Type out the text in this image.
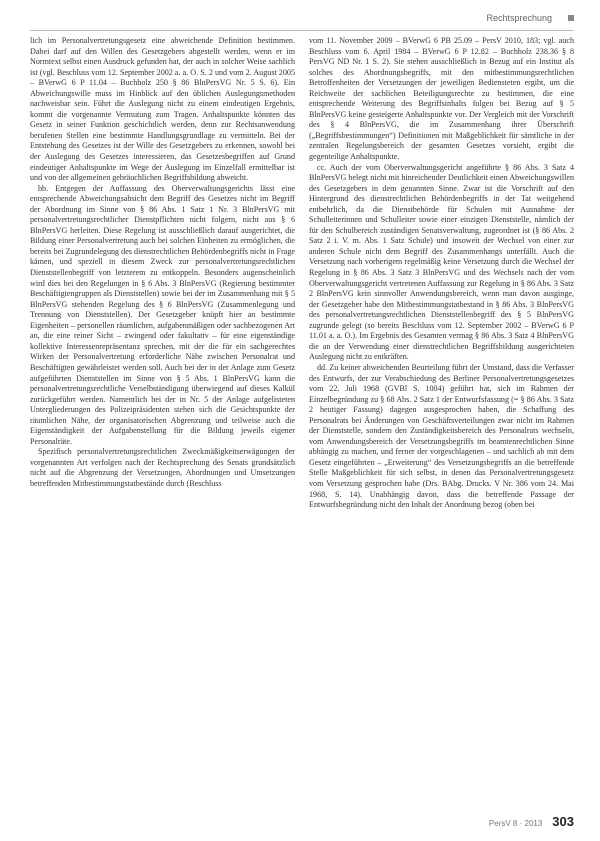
Rechtsprechung

lich im Personalvertretungsgesetz eine abweichende Definition bestimmen. Dabei darf auf den Willen des Gesetzgebers abgestellt werden, wenn er im Normtext selbst einen Ausdruck gefunden hat, der auch in solcher Weise sachlich ist (vgl. Beschluss vom 12. September 2002 a. a. O. S. 2 und vom 2. August 2005 – BVerwG 6 P 11.04 – Buchholz 250 § 86 BlnPersVG Nr. 5 S. 6). Ein Abweichungswille muss im Hinblick auf den üblichen Auslegungsmethoden nachweisbar sein. Führt die Auslegung nicht zu einem eindeutigen Ergebnis, kommt die vorgenannte Vermutung zum Tragen. Anhaltspunkte könnten das Gesetz in seiner Funktion geschichtlich werden, denn zur Rechtsanwendung berufenen Stellen eine bestimmte Handlungsgrundlage zu vermitteln. Bei der Entstehung des Gesetzes ist der Wille des Gesetzgebers zu erkennen, sowohl bei der Auslegung des Gesetzes interessieren, das Gesetzesbegriffen auf Grund eindeutiger Anhaltspunkte im Wege der Auslegung im Einzelfall ermittelbar ist und von der allgemeinen gebräuchlichen Begriffsbildung abweicht.

bb. Entgegen der Auffassung des Oberverwaltungsgerichts lässt eine entsprechende Abweichungsabsicht dem Begriff des Gesetzes nicht im Begriff der Abordnung im Sinne von § 86 Abs. 1 Satz 1 Nr. 3 BlnPersVG mit personalvertretungsrechtlicher Dienstpflichten nicht folgern, nicht aus § 6 BlnPersVG herleiten. Diese Regelung ist ausschließlich darauf ausgerichtet, die Bildung einer Personalvertretung auch bei solchen Einheiten zu ermöglichen, die bereits bei Zugrundelegung des dienstrechtlichen Behördenbegriffs nicht in Frage kämen, und speziell in diesem Zweck zur personalvertretungsrechtlichen Dienststellenbegriff von letzterem zu entkoppeln. Besonders augenscheinlich wird dies bei den Regelungen in § 6 Abs. 3 BlnPersVG (Regierung bestimmter Beschäftigtengruppen als Dienststellen) sowie bei der im Zusammenhang mit § 5 BlnPersVG stehenden Regelung des § 6 BlnPersVG (Zusammenlegung und Trennung von Dienststellen). Der Gesetzgeber knüpft hier an bestimmte Eigenheiten – personellen räumlichen, aufgabenmäßigen oder sachbezogenen Art an, die eine reiner Sicht – zwingend oder fakultativ – für eine eigenständige kollektive Interessenrepräsentanz sprechen, mit der die für ein sachgerechtes Wirken der Personalvertretung erforderliche Nähe zwischen Personalrat und Beschäftigten gewährleistet werden soll. Auch bei der in der Anlage zum Gesetz aufgeführten Dienststellen im Sinne von § 5 Abs. 1 BlnPersVG kann die personalvertretungsrechtliche Verselbständigung überwiegend auf dieses Kalkül zurückgeführt werden. Namentlich bei der in Nr. 5 der Anlage aufgelisteten Untergliederungen des Polizeipräsidenten stehen sich die Gesichtspunkte der räumlichen Nähe, der organisatorischen Abgrenzung und teilweise auch die Eigenständigkeit der Aufgabenstellung für die Bildung jeweils eigener Personalräte.

Spezifisch personalvertretungsrechtlichen Zweckmäßigkeitserwägungen der vorgenannten Art verfolgen nach der Rechtsprechung des Senats grundsätzlich nicht auf die Abgrenzung der Versetzungen, Abordnungen und Umsetzungen betreffenden Mitbestimmungstatbestände durch (Beschluss

vom 11. November 2009 – BVerwG 6 PB 25.09 – PersV 2010, 183; vgl. auch Beschluss vom 6. April 1984 – BVerwG 6 P 12.82 – Buchholz 238.36 § 8 PersVG ND Nr. 1 S. 2). Sie stehen ausschließlich in Bezug auf ein Institut als solches des Abordnungsbegriffs, mit den mitbestimmungsrechtlichen Betroffenheiten der Versetzungen der jeweiligen Bediensteten ergibt, um die Reichweite der sachlichen Beteiligungsrechte zu bestimmen, die eine entsprechende Weiterung des Begriffsinhalts folgen bei Bezug auf § 5 BlnPersVG keine gesteigerte Anhaltspunkte vor. Der Vergleich mit der Vorschrift des § 4 BlnPersVG, die im Zusammenhang ihrer Überschrift („Begriffsbestimmungen“) Definitionen mit Maßgeblichkeit für sämtliche in der zentralen Regelungsbereich der gesamten Gesetzes vorsieht, ergibt die gegenteilige Anhaltspunkte.

cc. Auch der vom Oberverwaltungsgericht angeführte § 86 Abs. 3 Satz 4 BlnPersVG belegt nicht mit hinreichender Deutlichkeit einen Abweichungswillen des Gesetzgebers in dem genannten Sinne. Zwar ist die Vorschrift auf den Hintergrund des dienstrechtlichen Behördenbegriffs in der Tat weitgehend entbehrlich, da die Dienstbehörde für Schulen mit Ausnahme der Schulleiterinnen und Schulleiter sowie einer einzigen Dienststelle, nämlich der für den Schulbereich zuständigen Senatsverwaltung, zugeordnet ist (§ 86 Abs. 2 Satz 2 i. V. m. Abs. 1 Satz Schule) und insoweit der Wechsel von einer zur anderen Schule nicht dem Begriff des Zusammenhangs unterfällt. Auch die Versetzung nach vorherigem regelmäßig keine Versetzung durch die Wechsel der Regelung in § 86 Abs. 3 Satz 3 BlnPersVG und des Wechsels nach der vom Oberverwaltungsgericht vertretenen Auffassung zur Regelung in § 86 Abs. 3 Satz 2 BlnPersVG kein sinnvoller Anwendungsbereich, wenn man davon ausginge, der Gesetzgeber habe den Mitbestimmungstatbestand in § 86 Abs. 3 BlnPersVG des personalvertretungsrechtlichen Dienststellenbegriff des § 5 BlnPersVG zugrunde gelegt (so bereits Beschluss vom 12. September 2002 – BVerwG 6 P 11.01 a. a. O.). Im Ergebnis des Gesamten vermag § 86 Abs. 3 Satz 4 BlnPersVG die an der Verwendung einer dienstrechtlichen Begriffsbildung ausgerichteten Auslegung nicht zu entkräften.

dd. Zu keiner abweichenden Beurteilung führt der Umstand, dass die Verfasser des Entwurfs, der zur Verabschiedung des Berliner Personalvertretungsgesetzes vom 22. Juli 1968 (GVBl S. 1004) geführt hat, sich im Rahmen der Einzelbegründung zu § 68 Abs. 2 Satz 1 der Entwurfsfassung (= § 86 Abs. 3 Satz 2 heutiger Fassung) dagegen ausgesprochen haben, die Schaffung des Personalrats bei Änderungen von Geschäftsverteilungen zwar nicht im Rahmen der Dienststelle, sondern den Zuständigkeitsbereich des Personalrats wechseln, vom Anwendungsbereich der Versetzungsbegriffs im beamtenrechtlichen Sinne abhängig zu machen, und ferner der vorgeschlagenen – und sachlich ab mit dem Gesetz eingeführten – „Erweiterung“ des Versetzungsbegriffs an die betreffende Stelle Maßgeblichkeit für sich selbst, in denen das Personalvertretungsgesetz vom Versetzung gesprochen habe (Drs. BAbg. Drucks. V Nr. 386 vom 24. Mai 1968, S. 14). Unabhängig davon, dass die betreffende Passage der Entwurfsbegründung nicht den Inhalt der Anordnung bezog (oben bei

PersV 8 · 2013 303
